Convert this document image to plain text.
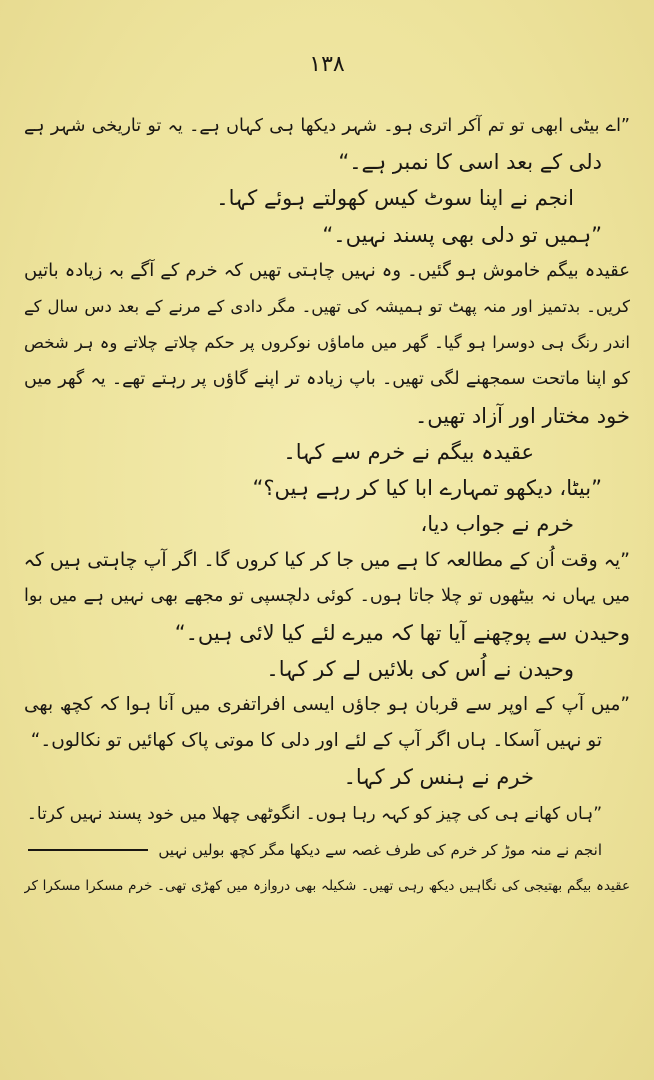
۱۳۸
”اے بیٹی ابھی تو تم آکر اتری ہو۔ شہر دیکھا ہی کہاں ہے۔ یہ تو تاریخی شہر ہے
دلی کے بعد اسی کا نمبر ہے۔“
انجم نے اپنا سوٹ کیس کھولتے ہوئے کہا۔
”ہمیں تو دلی بھی پسند نہیں۔“
عقیدہ بیگم خاموش ہو گئیں۔ وہ نہیں چاہتی تھیں کہ خرم کے آگے بہ زیادہ باتیں
کریں۔ بدتمیز اور منہ پھٹ تو ہمیشہ کی تھیں۔ مگر دادی کے مرنے کے بعد دس سال کے
اندر رنگ ہی دوسرا ہو گیا۔ گھر میں ماماؤں نوکروں پر حکم چلاتے چلاتے وہ ہر شخص
کو اپنا ماتحت سمجھنے لگی تھیں۔ باپ زیادہ تر اپنے گاؤں پر رہتے تھے۔ یہ گھر میں
خود مختار اور آزاد تھیں۔
عقیدہ بیگم نے خرم سے کہا۔
”بیٹا، دیکھو تمہارے ابا کیا کر رہے ہیں؟“
خرم نے جواب دیا،
”یہ وقت اُن کے مطالعہ کا ہے میں جا کر کیا کروں گا۔ اگر آپ چاہتی ہیں کہ
میں یہاں نہ بیٹھوں تو چلا جاتا ہوں۔ کوئی دلچسپی تو مجھے بھی نہیں ہے میں بوا
وحیدن سے پوچھنے آیا تھا کہ میرے لئے کیا لائی ہیں۔“
وحیدن نے اُس کی بلائیں لے کر کہا۔
”میں آپ کے اوپر سے قربان ہو جاؤں ایسی افراتفری میں آنا ہوا کہ کچھ بھی
تو نہیں آسکا۔ ہاں اگر آپ کے لئے اور دلی کا موتی پاک کھائیں تو نکالوں۔“
خرم نے ہنس کر کہا۔
”ہاں کھانے ہی کی چیز کو کہہ رہا ہوں۔ انگوٹھی چھلا میں خود پسند نہیں کرتا۔
انجم نے منہ موڑ کر خرم کی طرف غصہ سے دیکھا مگر کچھ بولیں نہیں
عقیدہ بیگم بھتیجی کی نگاہیں دیکھ رہی تھیں۔ شکیلہ بھی دروازہ میں کھڑی تھی۔ خرم مسکرا مسکرا کر
